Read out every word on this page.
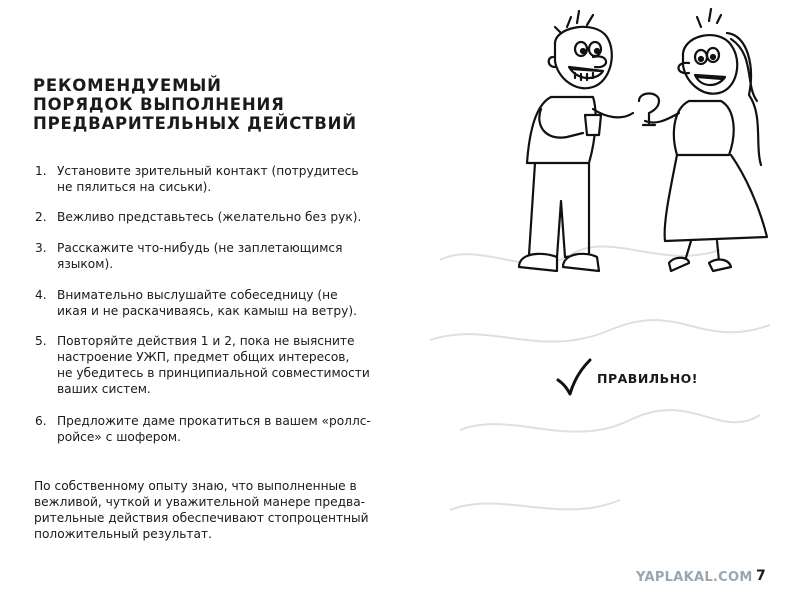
РЕКОМЕНДУЕМЫЙ
ПОРЯДОК ВЫПОЛНЕНИЯ
ПРЕДВАРИТЕЛЬНЫХ ДЕЙСТВИЙ
1. Установите зрительный контакт (потрудитесь
не пялиться на сиськи).
2. Вежливо представьтесь (желательно без рук).
3. Расскажите что-нибудь (не заплетающимся
языком).
4. Внимательно выслушайте собеседницу (не
икая и не раскачиваясь, как камыш на ветру).
5. Повторяйте действия 1 и 2, пока не выясните
настроение УЖП, предмет общих интересов,
не убедитесь в принципиальной совместимости
ваших систем.
6. Предложите даме прокатиться в вашем «роллс-
ройсе» с шофером.
По собственному опыту знаю, что выполненные в
вежливой, чуткой и уважительной манере предва-
рительные действия обеспечивают стопроцентный
положительный результат.
ПРАВИЛЬНО!
YAPLAKAL.COM 7
